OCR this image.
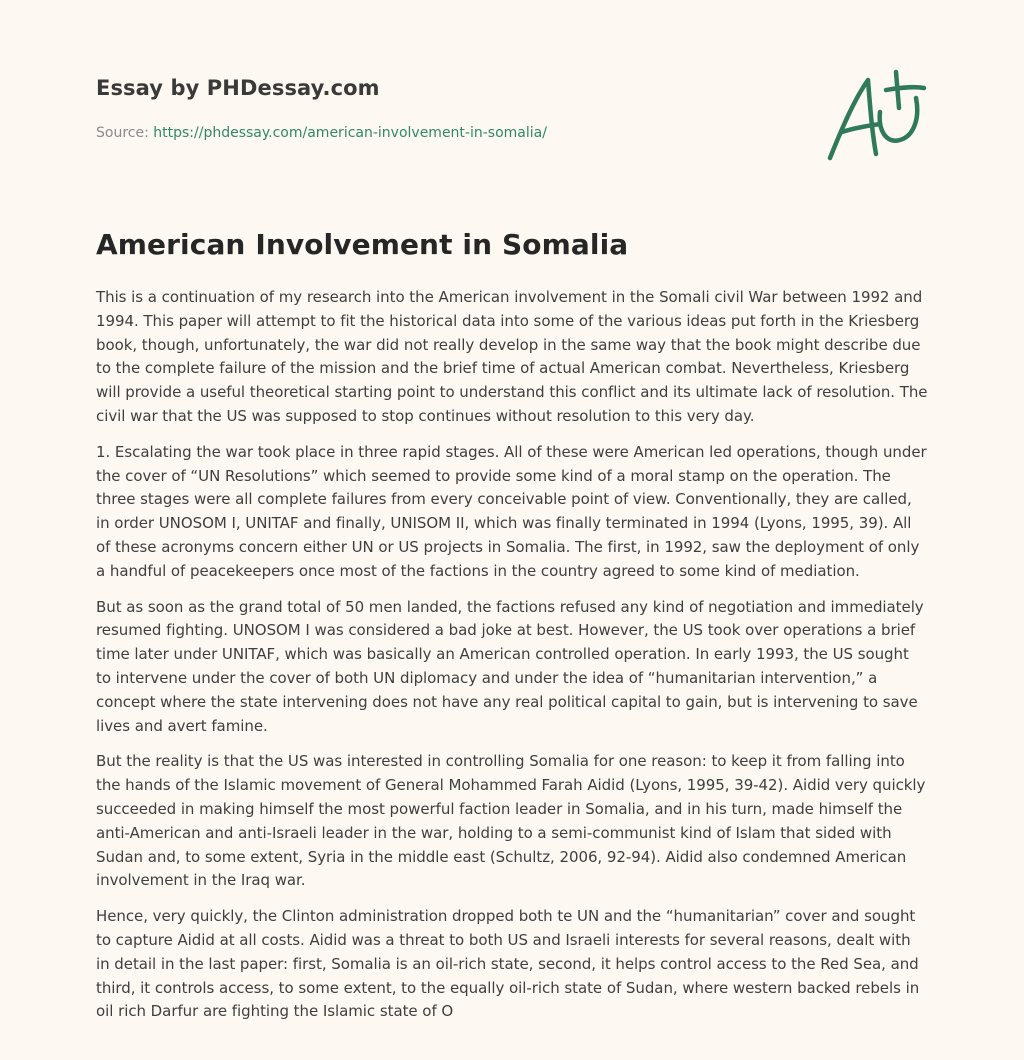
Essay by PHDessay.com
Source: https://phdessay.com/american-involvement-in-somalia/
American Involvement in Somalia

This is a continuation of my research into the American involvement in the Somali civil War between 1992 and 1994. This paper will attempt to fit the historical data into some of the various ideas put forth in the Kriesberg book, though, unfortunately, the war did not really develop in the same way that the book might describe due to the complete failure of the mission and the brief time of actual American combat. Nevertheless, Kriesberg will provide a useful theoretical starting point to understand this conflict and its ultimate lack of resolution. The civil war that the US was supposed to stop continues without resolution to this very day.

1. Escalating the war took place in three rapid stages. All of these were American led operations, though under the cover of “UN Resolutions” which seemed to provide some kind of a moral stamp on the operation. The three stages were all complete failures from every conceivable point of view. Conventionally, they are called, in order UNOSOM I, UNITAF and finally, UNISOM II, which was finally terminated in 1994 (Lyons, 1995, 39). All of these acronyms concern either UN or US projects in Somalia. The first, in 1992, saw the deployment of only a handful of peacekeepers once most of the factions in the country agreed to some kind of mediation.

But as soon as the grand total of 50 men landed, the factions refused any kind of negotiation and immediately resumed fighting. UNOSOM I was considered a bad joke at best. However, the US took over operations a brief time later under UNITAF, which was basically an American controlled operation. In early 1993, the US sought to intervene under the cover of both UN diplomacy and under the idea of “humanitarian intervention,” a concept where the state intervening does not have any real political capital to gain, but is intervening to save lives and avert famine.

But the reality is that the US was interested in controlling Somalia for one reason: to keep it from falling into the hands of the Islamic movement of General Mohammed Farah Aidid (Lyons, 1995, 39-42). Aidid very quickly succeeded in making himself the most powerful faction leader in Somalia, and in his turn, made himself the anti-American and anti-Israeli leader in the war, holding to a semi-communist kind of Islam that sided with Sudan and, to some extent, Syria in the middle east (Schultz, 2006, 92-94). Aidid also condemned American involvement in the Iraq war.

Hence, very quickly, the Clinton administration dropped both te UN and the “humanitarian” cover and sought to capture Aidid at all costs. Aidid was a threat to both US and Israeli interests for several reasons, dealt with in detail in the last paper: first, Somalia is an oil-rich state, second, it helps control access to the Red Sea, and third, it controls access, to some extent, to the equally oil-rich state of Sudan, where western backed rebels in oil rich Darfur are fighting the Islamic state of O
